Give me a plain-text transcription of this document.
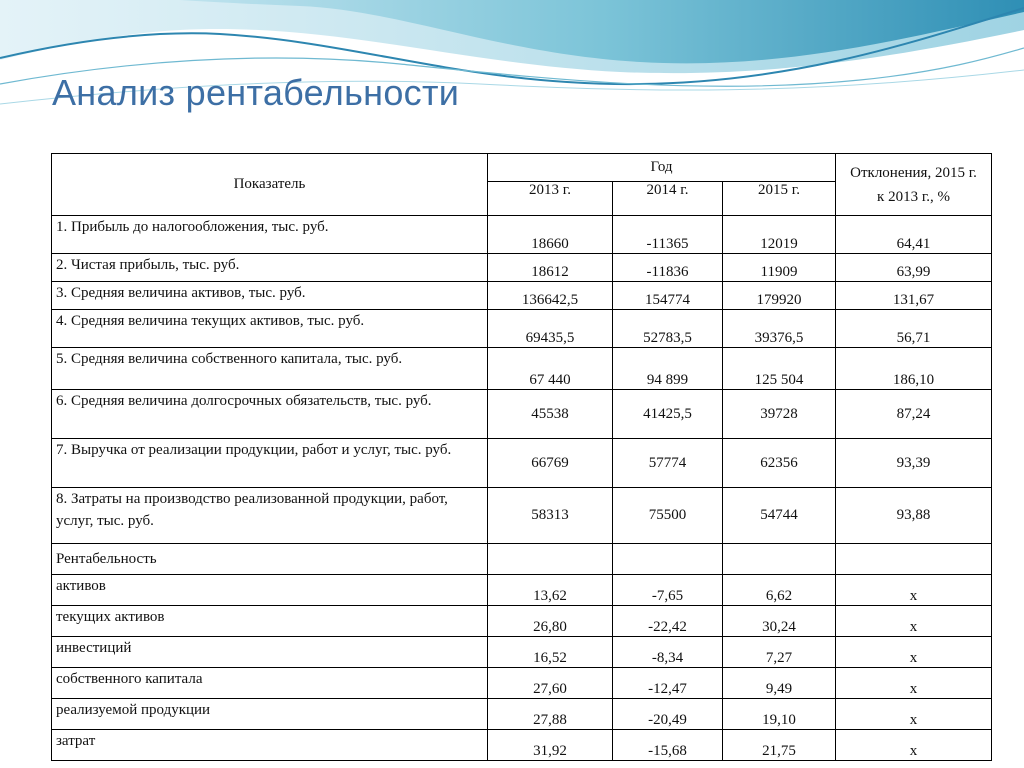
Анализ рентабельности
Показатель	Год			Отклонения, 2015 г.
к 2013 г., %
	2013 г.	2014 г.	2015 г.	
1. Прибыль до налогообложения, тыс. руб.	18660	-11365	12019	64,41
2. Чистая прибыль, тыс. руб.	18612	-11836	11909	63,99
3. Средняя величина активов, тыс. руб.	136642,5	154774	179920	131,67
4. Средняя величина текущих активов, тыс. руб.	69435,5	52783,5	39376,5	56,71
5. Средняя величина собственного капитала, тыс. руб.	67 440	94 899	125 504	186,10
6. Средняя величина долгосрочных обязательств, тыс. руб.	45538	41425,5	39728	87,24
7. Выручка от реализации продукции, работ и услуг, тыс. руб.	66769	57774	62356	93,39
8. Затраты на производство реализованной продукции, работ, услуг, тыс. руб.	58313	75500	54744	93,88
Рентабельность				
активов	13,62	-7,65	6,62	x
текущих активов	26,80	-22,42	30,24	x
инвестиций	16,52	-8,34	7,27	x
собственного капитала	27,60	-12,47	9,49	x
реализуемой продукции	27,88	-20,49	19,10	x
затрат	31,92	-15,68	21,75	x
